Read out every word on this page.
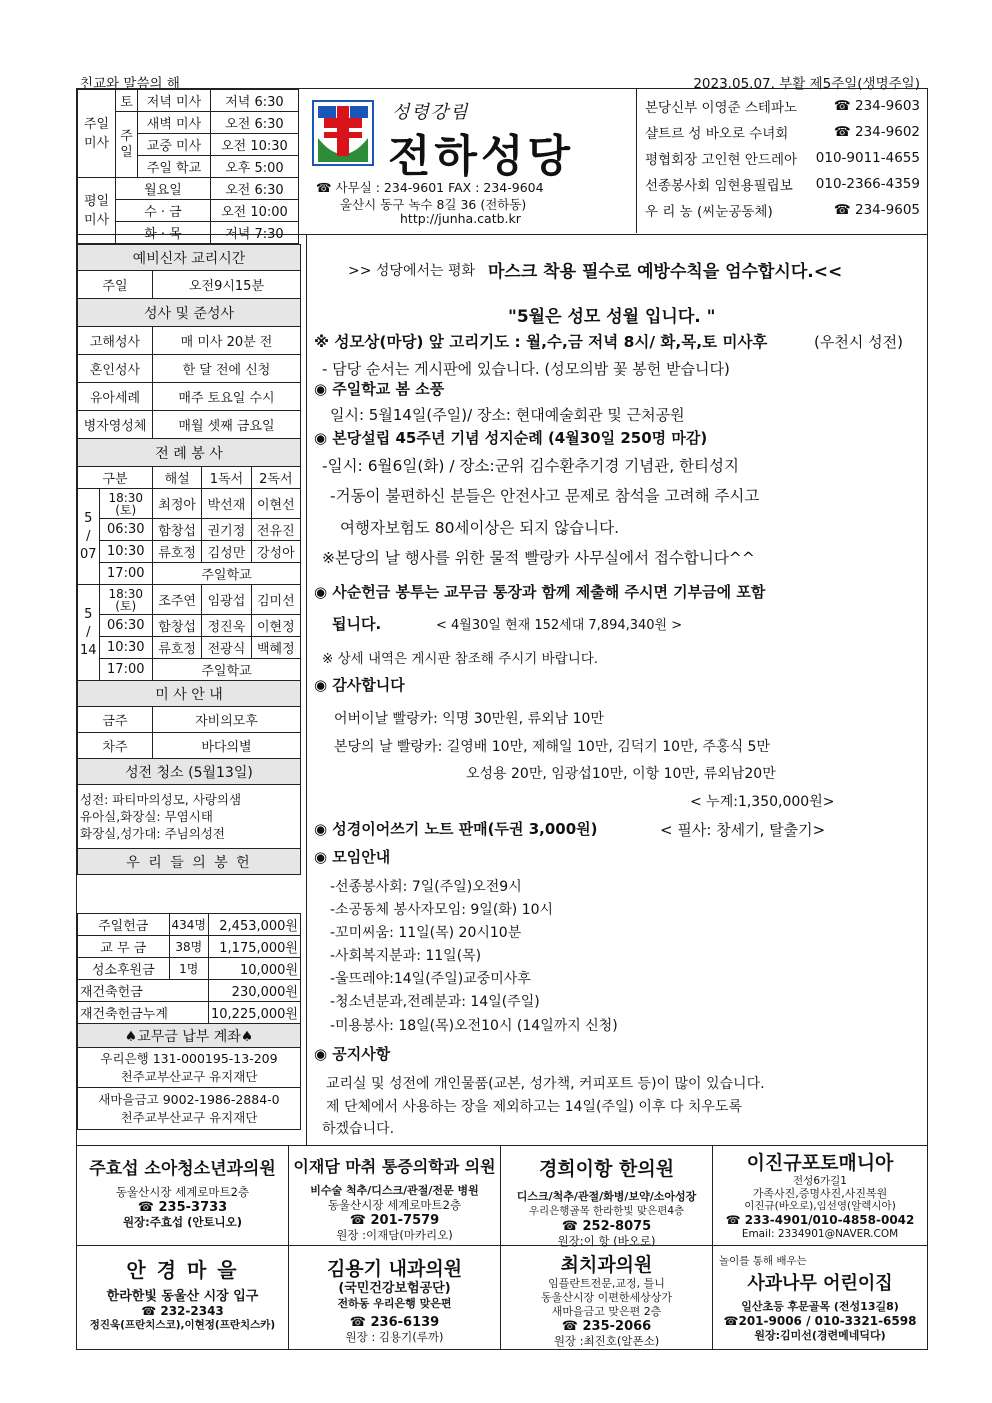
친교와 말씀의 해	2023.05.07. 부활 제5주일(생명주일)
주일
미사	토	저녁 미사	저녁 6:30
	주
일	새벽 미사	오전 6:30
		교중 미사	오전 10:30
		주일 학교	오후 5:00
평일
미사	월요일		오전 6:30
	수 · 금		오전 10:00
	화 · 목		저녁 7:30
성령강림
전하성당
☎ 사무실 : 234-9601 FAX : 234-9604
울산시 동구 녹수 8길 36 (전하동)
http://junha.catb.kr
본당신부 이영준 스테파노	☎ 234-9603
샬트르 성 바오로 수녀회	☎ 234-9602
평협회장 고인현 안드레아 010-9011-4655
선종봉사회 임현용필립보 010-2366-4359
우 리 농 (씨눈공동체)	☎ 234-9605
예비신자 교리시간				
주일		오전9시15분		
성사 및 준성사				
고해성사		매 미사 20분 전		
혼인성사		한 달 전에 신청		
유아세례		매주 토요일 수시		
병자영성체		매월 셋째 금요일		
전 례 봉 사				
구분		해설	1독서	2독서
5
/
07	18:30
(토)	최정아	박선재	이현선
	06:30	함창섭	권기정	전유진
	10:30	류호정	김성만	강성아
	17:00	주일학교		
5
/
14	18:30
(토)	조주연	임광섭	김미선
	06:30	함창섭	정진욱	이현정
	10:30	류호정	전광식	백혜정
	17:00	주일학교		
미 사 안 내				
금주		자비의모후		
차주		바다의별		
성전 청소 (5월13일)				

성전: 파티마의성모, 사랑의샘
유아실,화장실: 무염시태
화장실,성가대: 주님의성전				

우 리 들 의 봉 헌				
주일헌금	434명	2,453,000원
교 무 금	38명	1,175,000원
성소후원금	1명	10,000원
재건축헌금		230,000원
재건축헌금누계		10,225,000원
♠교무금 납부 계좌♠		

우리은행 131-000195-13-209
천주교부산교구 유지재단		

새마을금고 9002-1986-2884-0
천주교부산교구 유지재단		

>> 성당에서는 평화 마스크 착용 필수로 예방수칙을 엄수합시다.<<

"5월은 성모 성월 입니다. "

※ 성모상(마당) 앞 고리기도 : 월,수,금 저녁 8시/ 화,목,토 미사후	(우천시 성전)

- 담당 순서는 게시판에 있습니다. (성모의밤 꽃 봉헌 받습니다)

◉ 주일학교 봄 소풍

일시: 5월14일(주일)/ 장소: 현대예술회관 및 근처공원

◉ 본당설립 45주년 기념 성지순례 (4월30일 250명 마감)

-일시: 6월6일(화) / 장소:군위 김수환추기경 기념관, 한티성지

-거동이 불편하신 분들은 안전사고 문제로 참석을 고려해 주시고

여행자보험도 80세이상은 되지 않습니다.

※본당의 날 행사를 위한 물적 빨랑카 사무실에서 접수합니다^^

◉ 사순헌금 봉투는 교무금 통장과 함께 제출해 주시면 기부금에 포함

됩니다.	< 4월30일 현재 152세대 7,894,340원 >

※ 상세 내역은 게시판 참조해 주시기 바랍니다.

◉ 감사합니다

어버이날 빨랑카: 익명 30만원, 류외남 10만

본당의 날 빨랑카: 길영배 10만, 제해일 10만, 김덕기 10만, 주홍식 5만

오성용 20만, 임광섭10만, 이항 10만, 류외남20만

< 누계:1,350,000원>

◉ 성경이어쓰기 노트 판매(두권 3,000원)	< 필사: 창세기, 탈출기>

◉ 모임안내

-선종봉사회: 7일(주일)오전9시

-소공동체 봉사자모임: 9일(화) 10시

-꼬미씨움: 11일(목) 20시10분

-사회복지분과: 11일(목)

-울뜨레야:14일(주일)교중미사후

-청소년분과,전례분과: 14일(주일)

-미용봉사: 18일(목)오전10시 (14일까지 신청)

◉ 공지사항

교리실 및 성전에 개인물품(교본, 성가책, 커피포트 등)이 많이 있습니다.

제 단체에서 사용하는 장을 제외하고는 14일(주일) 이후 다 치우도록

하겠습니다.

주효섭 소아청소년과의원
동울산시장 세계로마트2층
☎ 235-3733
원장:주효섭 (안토니오)
이재담 마취 통증의학과 의원
비수술 척추/디스크/관절/전문 병원
동울산시장 세계로마트2층
☎ 201-7579
원장 :이재담(마카리오)
경희이항 한의원
디스크/척추/관절/화병/보약/소아성장
우리은행골목 한라한빛 맞은편4층
☎ 252-8075
원장:이 항 (바오로)
이진규포토매니아
전성6가길1
가족사진,증명사진,사진복원
이진규(바오로),임선영(알렉시아)
☎ 233-4901/010-4858-0042
Email: 2334901@NAVER.COM
안 경 마 을
한라한빛 동울산 시장 입구
☎ 232-2343
정진욱(프란치스코),이현정(프란치스카)
김용기 내과의원
(국민건강보험공단)
전하동 우리은행 맞은편
☎ 236-6139
원장 : 김용기(루까)
최치과의원
임플란트전문,교정, 틀니
동울산시장 이편한세상상가
새마을금고 맞은편 2층
☎ 235-2066
원장 :최진호(알폰소)
놀이를 통해 배우는
사과나무 어린이집
일산초등 후문골목 (전성13길8)
☎201-9006 / 010-3321-6598
원장:김미선(경련메네딕다)
